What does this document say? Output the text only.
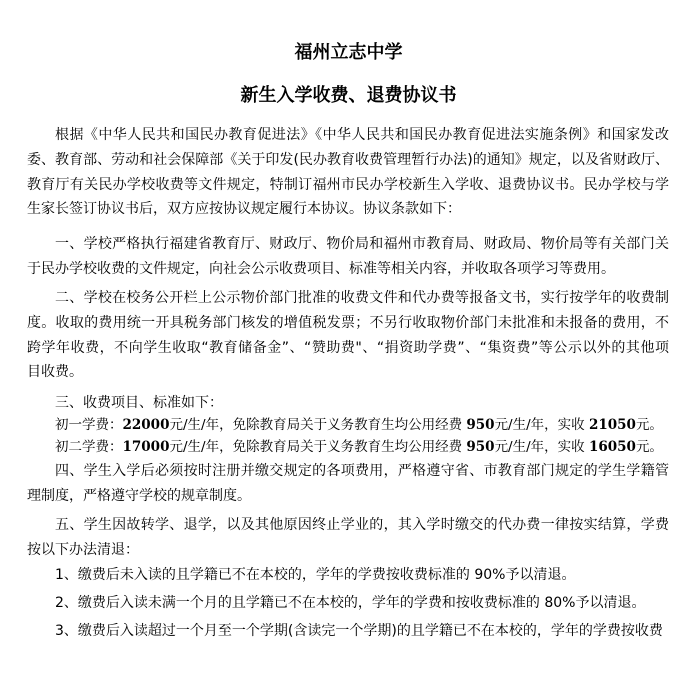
福州立志中学
新生入学收费、退费协议书
根据《中华人民共和国民办教育促进法》《中华人民共和国民办教育促进法实施条例》和国家发改
委、教育部、劳动和社会保障部《关于印发(民办教育收费管理暂行办法)的通知》规定，以及省财政厅、
教育厅有关民办学校收费等文件规定，特制订福州市民办学校新生入学收、退费协议书。民办学校与学
生家长签订协议书后，双方应按协议规定履行本协议。协议条款如下：
一、学校严格执行福建省教育厅、财政厅、物价局和福州市教育局、财政局、物价局等有关部门关
于民办学校收费的文件规定，向社会公示收费项目、标准等相关内容，并收取各项学习等费用。
二、学校在校务公开栏上公示物价部门批准的收费文件和代办费等报备文书，实行按学年的收费制
度。收取的费用统一开具税务部门核发的增值税发票；不另行收取物价部门未批准和未报备的费用，不
跨学年收费，不向学生收取“教育储备金”、“赞助费"、“捐资助学费”、“集资费”等公示以外的其他项
目收费。
三、收费项目、标准如下：
初一学费：22000元/生/年，免除教育局关于义务教育生均公用经费 950元/生/年，实收 21050元。
初二学费：17000元/生/年，免除教育局关于义务教育生均公用经费 950元/生/年，实收 16050元。
四、学生入学后必须按时注册并缴交规定的各项费用，严格遵守省、市教育部门规定的学生学籍管
理制度，严格遵守学校的规章制度。
五、学生因故转学、退学，以及其他原因终止学业的，其入学时缴交的代办费一律按实结算，学费
按以下办法清退：
1、缴费后未入读的且学籍已不在本校的，学年的学费按收费标准的 90%予以清退。
2、缴费后入读未满一个月的且学籍已不在本校的，学年的学费和按收费标准的 80%予以清退。
3、缴费后入读超过一个月至一个学期(含读完一个学期)的且学籍已不在本校的，学年的学费按收费
